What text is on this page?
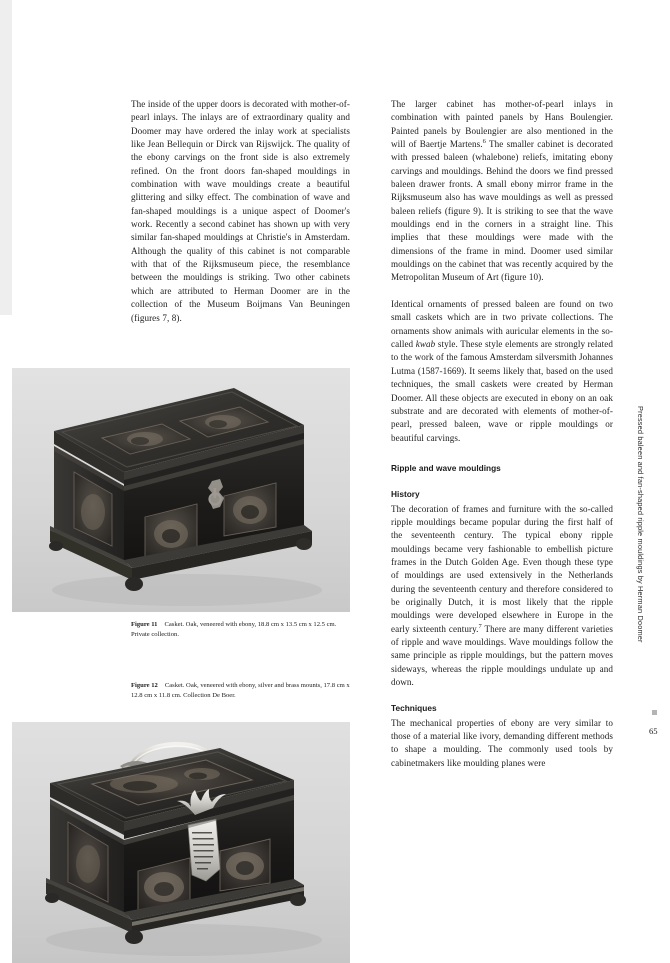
The inside of the upper doors is decorated with mother-of-pearl inlays. The inlays are of extraordinary quality and Doomer may have ordered the inlay work at specialists like Jean Bellequin or Dirck van Rijswijck. The quality of the ebony carvings on the front side is also extremely refined. On the front doors fan-shaped mouldings in combination with wave mouldings create a beautiful glittering and silky effect. The combination of wave and fan-shaped mouldings is a unique aspect of Doomer's work. Recently a second cabinet has shown up with very similar fan-shaped mouldings at Christie's in Amsterdam. Although the quality of this cabinet is not comparable with that of the Rijksmuseum piece, the resemblance between the mouldings is striking. Two other cabinets which are attributed to Herman Doomer are in the collection of the Museum Boijmans Van Beuningen (figures 7, 8).

The larger cabinet has mother-of-pearl inlays in combination with painted panels by Hans Boulengier. Painted panels by Boulengier are also mentioned in the will of Baertje Martens.$^6$ The smaller cabinet is decorated with pressed baleen (whalebone) reliefs, imitating ebony carvings and mouldings. Behind the doors we find pressed baleen drawer fronts. A small ebony mirror frame in the Rijksmuseum also has wave mouldings as well as pressed baleen reliefs (figure 9). It is striking to see that the wave mouldings end in the corners in a straight line. This implies that these mouldings were made with the dimensions of the frame in mind. Doomer used similar mouldings on the cabinet that was recently acquired by the Metropolitan Museum of Art (figure 10).

Identical ornaments of pressed baleen are found on two small caskets which are in two private collections. The ornaments show animals with auricular elements in the so-called kwab style. These style elements are strongly related to the work of the famous Amsterdam silversmith Johannes Lutma (1587-1669). It seems likely that, based on the used techniques, the small caskets were created by Herman Doomer. All these objects are executed in ebony on an oak substrate and are decorated with elements of mother-of-pearl, pressed baleen, wave or ripple mouldings or beautiful carvings.

Ripple and wave mouldings
History

The decoration of frames and furniture with the so-called ripple mouldings became popular during the first half of the seventeenth century. The typical ebony ripple mouldings became very fashionable to embellish picture frames in the Dutch Golden Age. Even though these type of mouldings are used extensively in the Netherlands during the seventeenth century and therefore considered to be originally Dutch, it is most likely that the ripple mouldings were developed elsewhere in Europe in the early sixteenth century.$^7$ There are many different varieties of ripple and wave mouldings. Wave mouldings follow the same principle as ripple mouldings, but the pattern moves sideways, whereas the ripple mouldings undulate up and down.

Techniques

The mechanical properties of ebony are very similar to those of a material like ivory, demanding different methods to shape a moulding. The commonly used tools by cabinetmakers like moulding planes were

Figure 11 Casket. Oak, veneered with ebony, 18.8 cm x 13.5 cm x 12.5 cm. Private collection.
Figure 12 Casket. Oak, veneered with ebony, silver and brass mounts, 17.8 cm x 12.8 cm x 11.8 cm. Collection De Boer.
Pressed baleen and fan-shaped ripple mouldings by Herman Doomer
65
